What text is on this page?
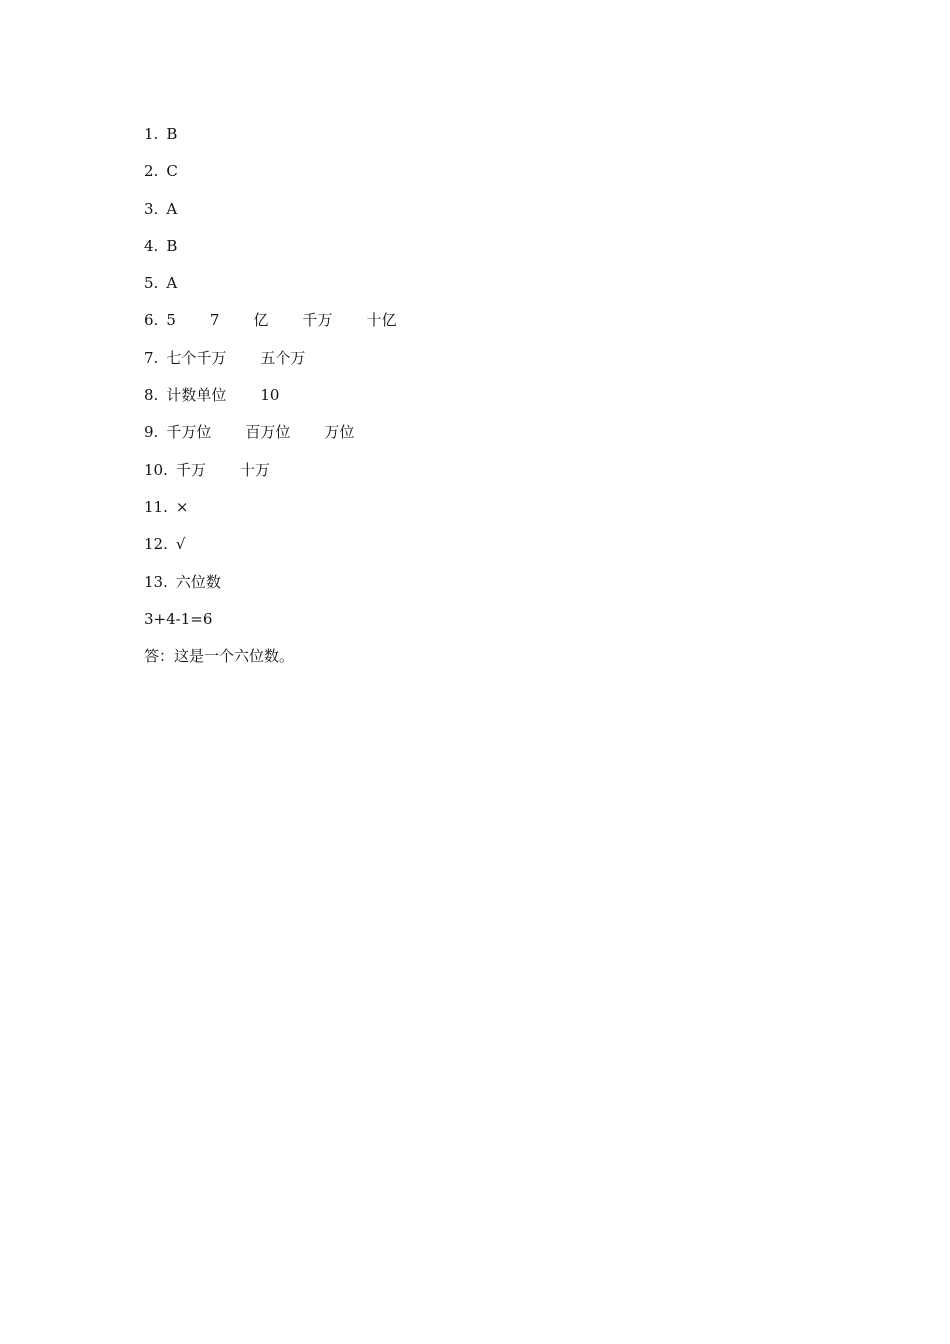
1. B
2. C
3. A
4. B
5. A
6. 5 7 亿 千万 十亿
7. 七个千万 五个万
8. 计数单位 10
9. 千万位 百万位 万位
10. 千万 十万
11. ×
12. √
13. 六位数
3+4-1=6
答：这是一个六位数。
